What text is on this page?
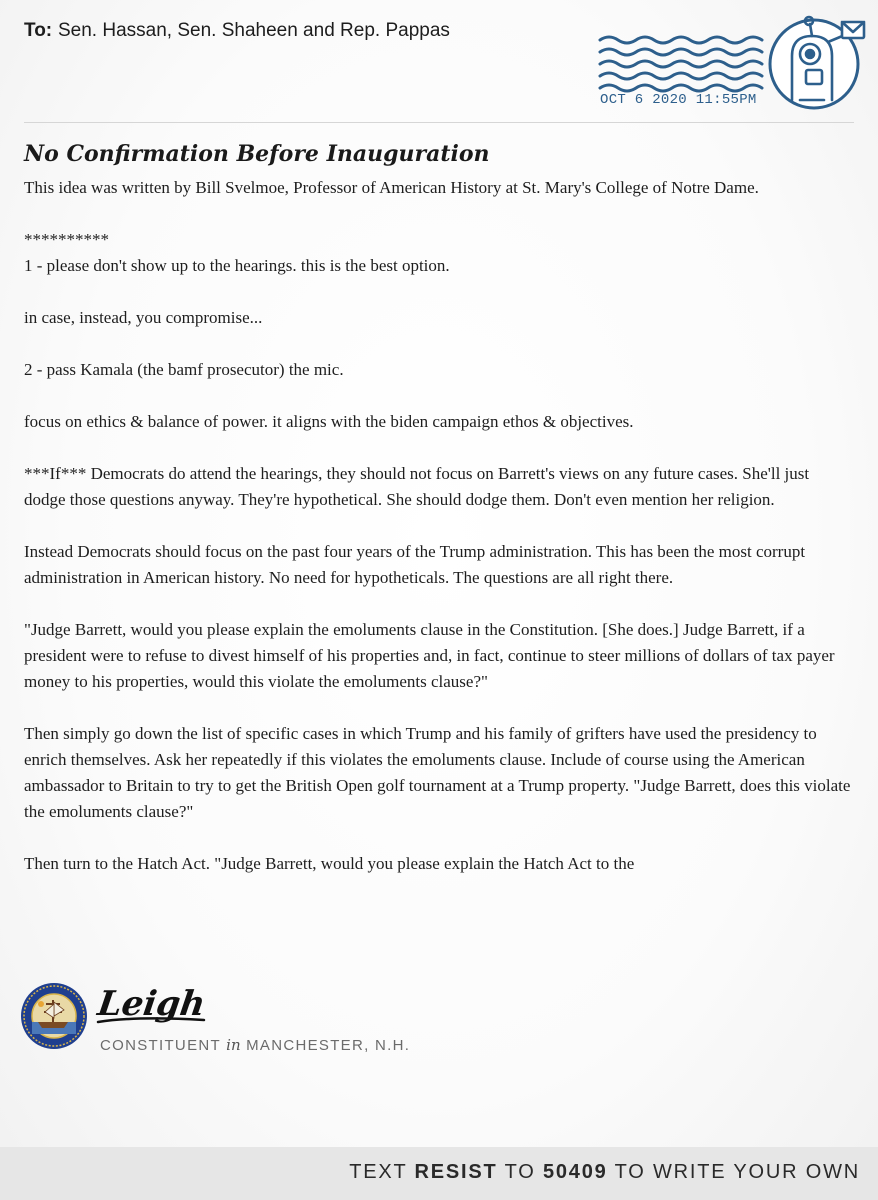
To: Sen. Hassan, Sen. Shaheen and Rep. Pappas
OCT 6 2020 11:55PM
No Confirmation Before Inauguration

This idea was written by Bill Svelmoe, Professor of American History at St. Mary's College of Notre Dame.

**********

1 - please don't show up to the hearings. this is the best option.

in case, instead, you compromise...

2 - pass Kamala (the bamf prosecutor) the mic.

focus on ethics & balance of power. it aligns with the biden campaign ethos & objectives.

***If*** Democrats do attend the hearings, they should not focus on Barrett's views on any future cases. She'll just dodge those questions anyway. They're hypothetical. She should dodge them. Don't even mention her religion.

Instead Democrats should focus on the past four years of the Trump administration. This has been the most corrupt administration in American history. No need for hypotheticals. The questions are all right there.

"Judge Barrett, would you please explain the emoluments clause in the Constitution. [She does.] Judge Barrett, if a president were to refuse to divest himself of his properties and, in fact, continue to steer millions of dollars of tax payer money to his properties, would this violate the emoluments clause?"

Then simply go down the list of specific cases in which Trump and his family of grifters have used the presidency to enrich themselves. Ask her repeatedly if this violates the emoluments clause. Include of course using the American ambassador to Britain to try to get the British Open golf tournament at a Trump property. "Judge Barrett, does this violate the emoluments clause?"

Then turn to the Hatch Act. "Judge Barrett, would you please explain the Hatch Act to the

Leigh
CONSTITUENT in MANCHESTER, N.H.
TEXT RESIST TO 50409 TO WRITE YOUR OWN
